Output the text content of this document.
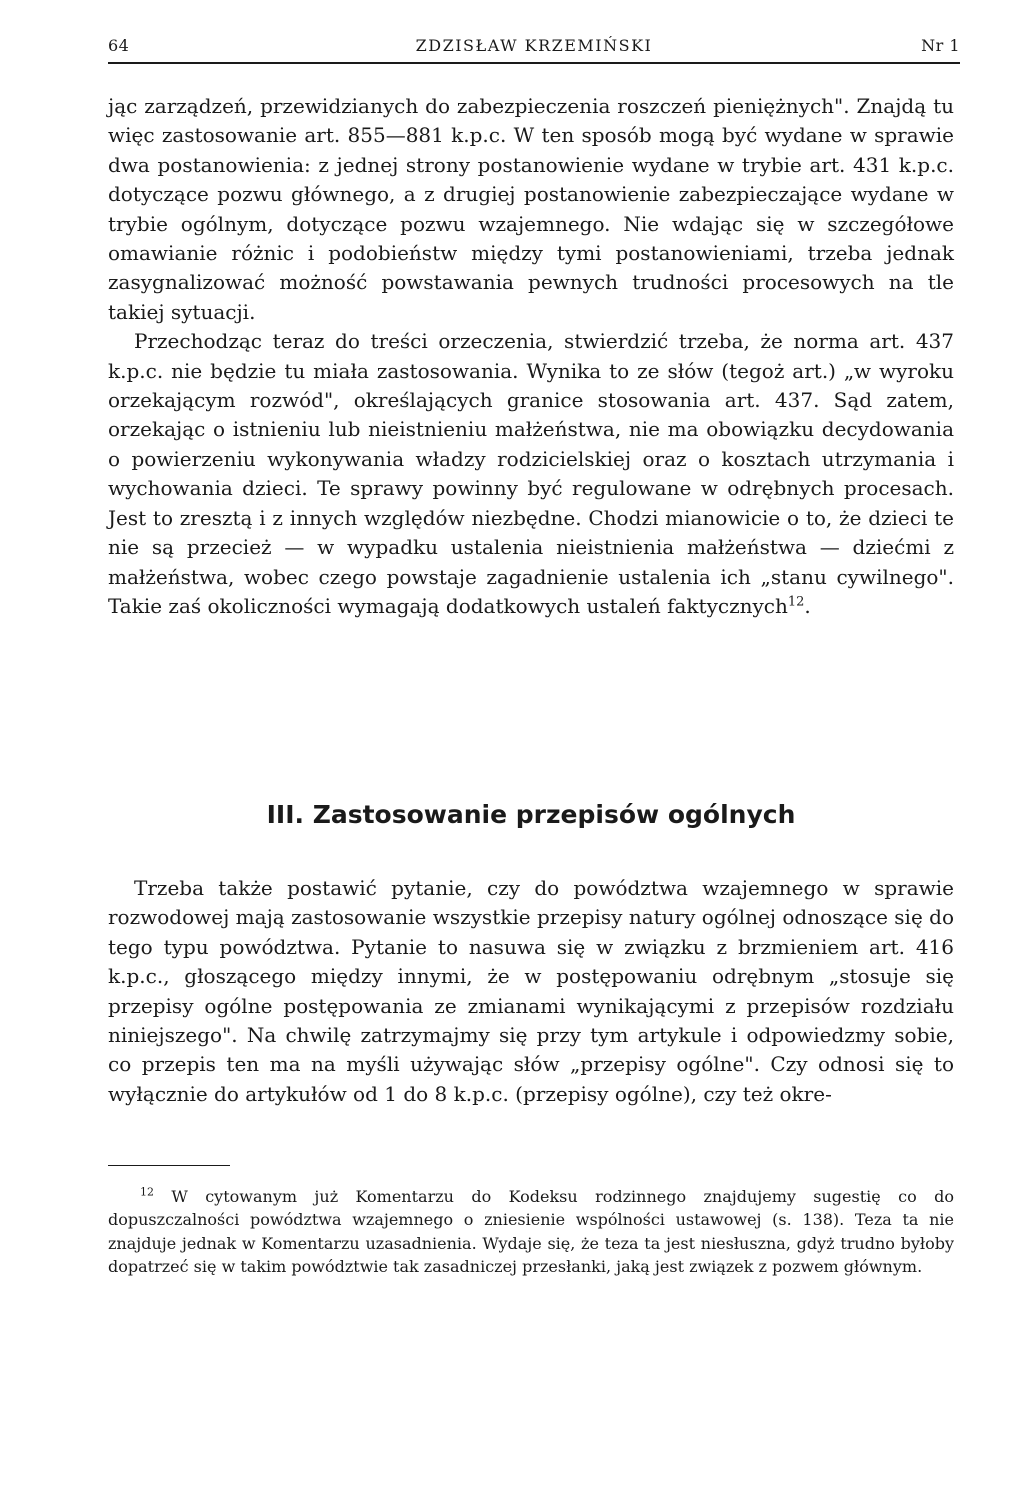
64	ZDZISŁAW KRZEMIŃSKI	Nr 1

jąc zarządzeń, przewidzianych do zabezpieczenia roszczeń pieniężnych". Znajdą tu więc zastosowanie art. 855—881 k.p.c. W ten sposób mogą być wydane w sprawie dwa postanowienia: z jednej strony postanowienie wydane w trybie art. 431 k.p.c. dotyczące pozwu głównego, a z drugiej postanowienie zabezpieczające wydane w trybie ogólnym, dotyczące pozwu wzajemnego. Nie wdając się w szczegółowe omawianie różnic i podobieństw między tymi postanowieniami, trzeba jednak zasygnalizować możność powstawania pewnych trudności procesowych na tle takiej sytuacji.

Przechodząc teraz do treści orzeczenia, stwierdzić trzeba, że norma art. 437 k.p.c. nie będzie tu miała zastosowania. Wynika to ze słów (tegoż art.) „w wyroku orzekającym rozwód", określających granice stosowania art. 437. Sąd zatem, orzekając o istnieniu lub nieistnieniu małżeństwa, nie ma obowiązku decydowania o powierzeniu wykonywania władzy rodzicielskiej oraz o kosztach utrzymania i wychowania dzieci. Te sprawy powinny być regulowane w odrębnych procesach. Jest to zresztą i z innych względów niezbędne. Chodzi mianowicie o to, że dzieci te nie są przecież — w wypadku ustalenia nieistnienia małżeństwa — dziećmi z małżeństwa, wobec czego powstaje zagadnienie ustalenia ich „stanu cywilnego". Takie zaś okoliczności wymagają dodatkowych ustaleń faktycznych$^{12}$.

III. Zastosowanie przepisów ogólnych

Trzeba także postawić pytanie, czy do powództwa wzajemnego w sprawie rozwodowej mają zastosowanie wszystkie przepisy natury ogólnej odnoszące się do tego typu powództwa. Pytanie to nasuwa się w związku z brzmieniem art. 416 k.p.c., głoszącego między innymi, że w postępowaniu odrębnym „stosuje się przepisy ogólne postępowania ze zmianami wynikającymi z przepisów rozdziału niniejszego". Na chwilę zatrzymajmy się przy tym artykule i odpowiedzmy sobie, co przepis ten ma na myśli używając słów „przepisy ogólne". Czy odnosi się to wyłącznie do artykułów od 1 do 8 k.p.c. (przepisy ogólne), czy też okre-

$^{12}$ W cytowanym już Komentarzu do Kodeksu rodzinnego znajdujemy sugestię co do dopuszczalności powództwa wzajemnego o zniesienie wspólności ustawowej (s. 138). Teza ta nie znajduje jednak w Komentarzu uzasadnienia. Wydaje się, że teza ta jest niesłuszna, gdyż trudno byłoby dopatrzeć się w takim powództwie tak zasadniczej przesłanki, jaką jest związek z pozwem głównym.
